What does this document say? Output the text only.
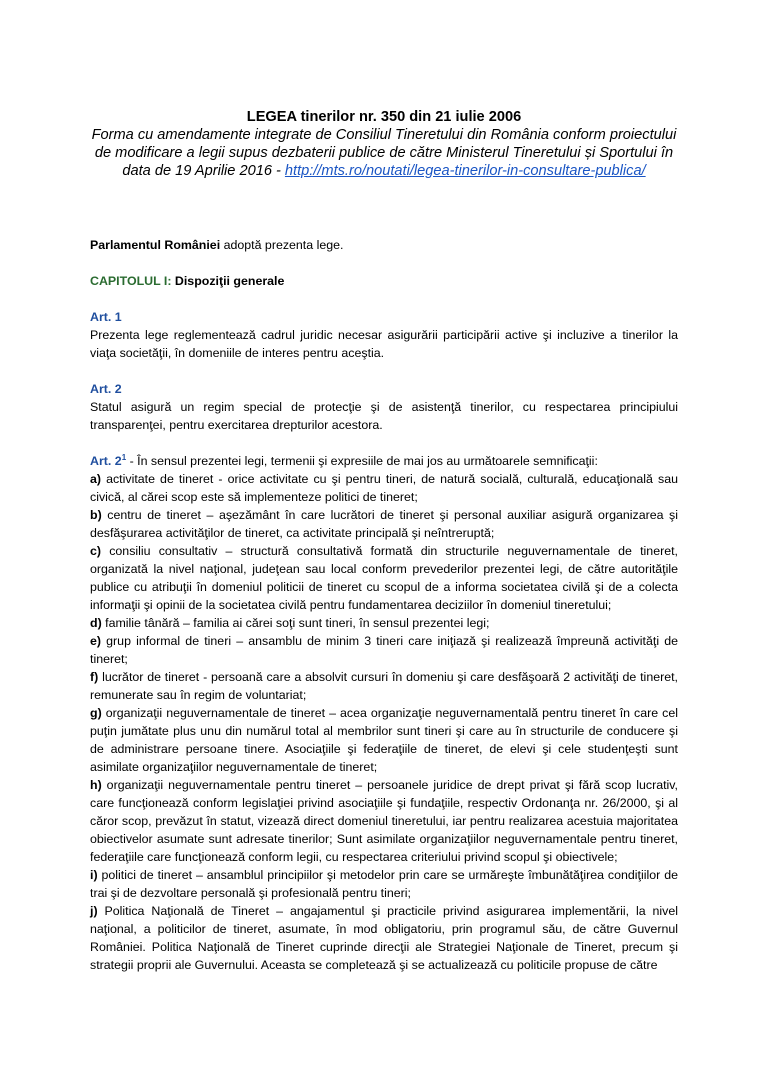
LEGEA tinerilor nr. 350 din 21 iulie 2006
Forma cu amendamente integrate de Consiliul Tineretului din România conform proiectului de modificare a legii supus dezbaterii publice de către Ministerul Tineretului și Sportului în data de 19 Aprilie 2016 - http://mts.ro/noutati/legea-tinerilor-in-consultare-publica/

Parlamentul României adoptă prezenta lege.

CAPITOLUL I: Dispoziţii generale

Art. 1

Prezenta lege reglementează cadrul juridic necesar asigurării participării active şi incluzive a tinerilor la viaţa societăţii, în domeniile de interes pentru aceştia.

Art. 2

Statul asigură un regim special de protecţie şi de asistenţă tinerilor, cu respectarea principiului transparenţei, pentru exercitarea drepturilor acestora.

Art. $2^1$ - În sensul prezentei legi, termenii şi expresiile de mai jos au următoarele semnificaţii:

a) activitate de tineret - orice activitate cu şi pentru tineri, de natură socială, culturală, educaţională sau civică, al cărei scop este să implementeze politici de tineret;

b) centru de tineret – aşezământ în care lucrători de tineret şi personal auxiliar asigură organizarea şi desfăşurarea activităţilor de tineret, ca activitate principală şi neîntreruptă;

c) consiliu consultativ – structură consultativă formată din structurile neguvernamentale de tineret, organizată la nivel naţional, judeţean sau local conform prevederilor prezentei legi, de către autorităţile publice cu atribuţii în domeniul politicii de tineret cu scopul de a informa societatea civilă şi de a colecta informaţii şi opinii de la societatea civilă pentru fundamentarea deciziilor în domeniul tineretului;

d) familie tânără – familia ai cărei soţi sunt tineri, în sensul prezentei legi;

e) grup informal de tineri – ansamblu de minim 3 tineri care iniţiază şi realizează împreună activităţi de tineret;

f) lucrător de tineret - persoană care a absolvit cursuri în domeniu şi care desfăşoară 2 activităţi de tineret, remunerate sau în regim de voluntariat;

g) organizaţii neguvernamentale de tineret – acea organizaţie neguvernamentală pentru tineret în care cel puţin jumătate plus unu din numărul total al membrilor sunt tineri şi care au în structurile de conducere şi de administrare persoane tinere. Asociaţiile şi federaţiile de tineret, de elevi şi cele studenţeşti sunt asimilate organizaţiilor neguvernamentale de tineret;

h) organizaţii neguvernamentale pentru tineret – persoanele juridice de drept privat şi fără scop lucrativ, care funcţionează conform legislaţiei privind asociaţiile şi fundaţiile, respectiv Ordonanţa nr. 26/2000, şi al căror scop, prevăzut în statut, vizează direct domeniul tineretului, iar pentru realizarea acestuia majoritatea obiectivelor asumate sunt adresate tinerilor; Sunt asimilate organizaţiilor neguvernamentale pentru tineret, federaţiile care funcţionează conform legii, cu respectarea criteriului privind scopul şi obiectivele;

i) politici de tineret – ansamblul principiilor şi metodelor prin care se urmăreşte îmbunătăţirea condiţiilor de trai şi de dezvoltare personală şi profesională pentru tineri;

j) Politica Naţională de Tineret – angajamentul şi practicile privind asigurarea implementării, la nivel naţional, a politicilor de tineret, asumate, în mod obligatoriu, prin programul său, de către Guvernul României. Politica Naţională de Tineret cuprinde direcţii ale Strategiei Naţionale de Tineret, precum şi strategii proprii ale Guvernului. Aceasta se completează şi se actualizează cu politicile propuse de către
